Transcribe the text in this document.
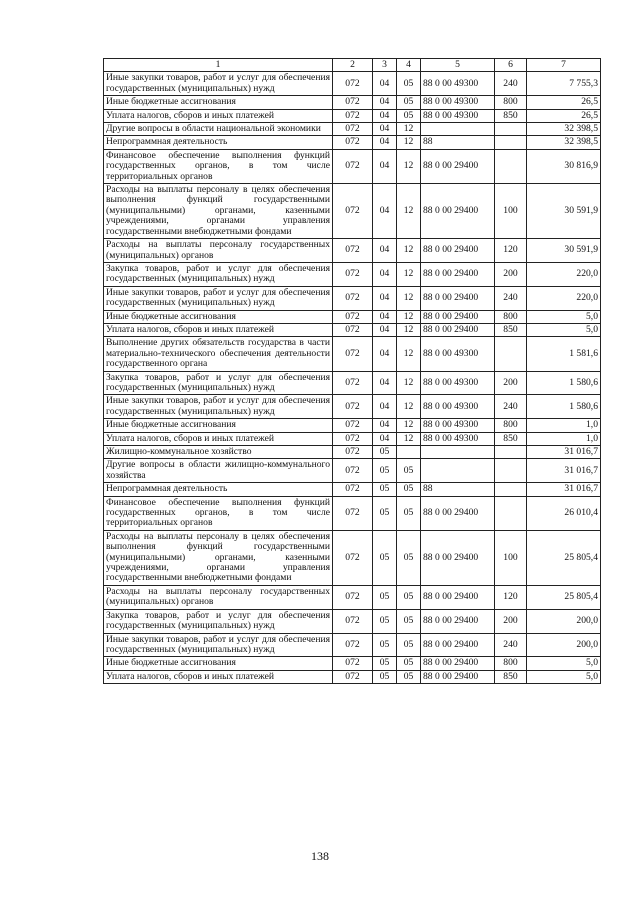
1	2	3	4	5	6	7
Иные закупки товаров, работ и услуг для обеспечения государственных (муниципальных) нужд	072	04	05	88 0 00 49300	240	7 755,3
Иные бюджетные ассигнования	072	04	05	88 0 00 49300	800	26,5
Уплата налогов, сборов и иных платежей	072	04	05	88 0 00 49300	850	26,5
Другие вопросы в области национальной экономики	072	04	12			32 398,5
Непрограммная деятельность	072	04	12	88		32 398,5
Финансовое обеспечение выполнения функций государственных органов, в том числе территориальных органов	072	04	12	88 0 00 29400		30 816,9
Расходы на выплаты персоналу в целях обеспечения выполнения функций государственными (муниципальными) органами, казенными учреждениями, органами управления государственными внебюджетными фондами	072	04	12	88 0 00 29400	100	30 591,9
Расходы на выплаты персоналу государственных (муниципальных) органов	072	04	12	88 0 00 29400	120	30 591,9
Закупка товаров, работ и услуг для обеспечения государственных (муниципальных) нужд	072	04	12	88 0 00 29400	200	220,0
Иные закупки товаров, работ и услуг для обеспечения государственных (муниципальных) нужд	072	04	12	88 0 00 29400	240	220,0
Иные бюджетные ассигнования	072	04	12	88 0 00 29400	800	5,0
Уплата налогов, сборов и иных платежей	072	04	12	88 0 00 29400	850	5,0
Выполнение других обязательств государства в части материально-технического обеспечения деятельности государственного органа	072	04	12	88 0 00 49300		1 581,6
Закупка товаров, работ и услуг для обеспечения государственных (муниципальных) нужд	072	04	12	88 0 00 49300	200	1 580,6
Иные закупки товаров, работ и услуг для обеспечения государственных (муниципальных) нужд	072	04	12	88 0 00 49300	240	1 580,6
Иные бюджетные ассигнования	072	04	12	88 0 00 49300	800	1,0
Уплата налогов, сборов и иных платежей	072	04	12	88 0 00 49300	850	1,0
Жилищно-коммунальное хозяйство	072	05				31 016,7
Другие вопросы в области жилищно-коммунального хозяйства	072	05	05			31 016,7
Непрограммная деятельность	072	05	05	88		31 016,7
Финансовое обеспечение выполнения функций государственных органов, в том числе территориальных органов	072	05	05	88 0 00 29400		26 010,4
Расходы на выплаты персоналу в целях обеспечения выполнения функций государственными (муниципальными) органами, казенными учреждениями, органами управления государственными внебюджетными фондами	072	05	05	88 0 00 29400	100	25 805,4
Расходы на выплаты персоналу государственных (муниципальных) органов	072	05	05	88 0 00 29400	120	25 805,4
Закупка товаров, работ и услуг для обеспечения государственных (муниципальных) нужд	072	05	05	88 0 00 29400	200	200,0
Иные закупки товаров, работ и услуг для обеспечения государственных (муниципальных) нужд	072	05	05	88 0 00 29400	240	200,0
Иные бюджетные ассигнования	072	05	05	88 0 00 29400	800	5,0
Уплата налогов, сборов и иных платежей	072	05	05	88 0 00 29400	850	5,0
138
